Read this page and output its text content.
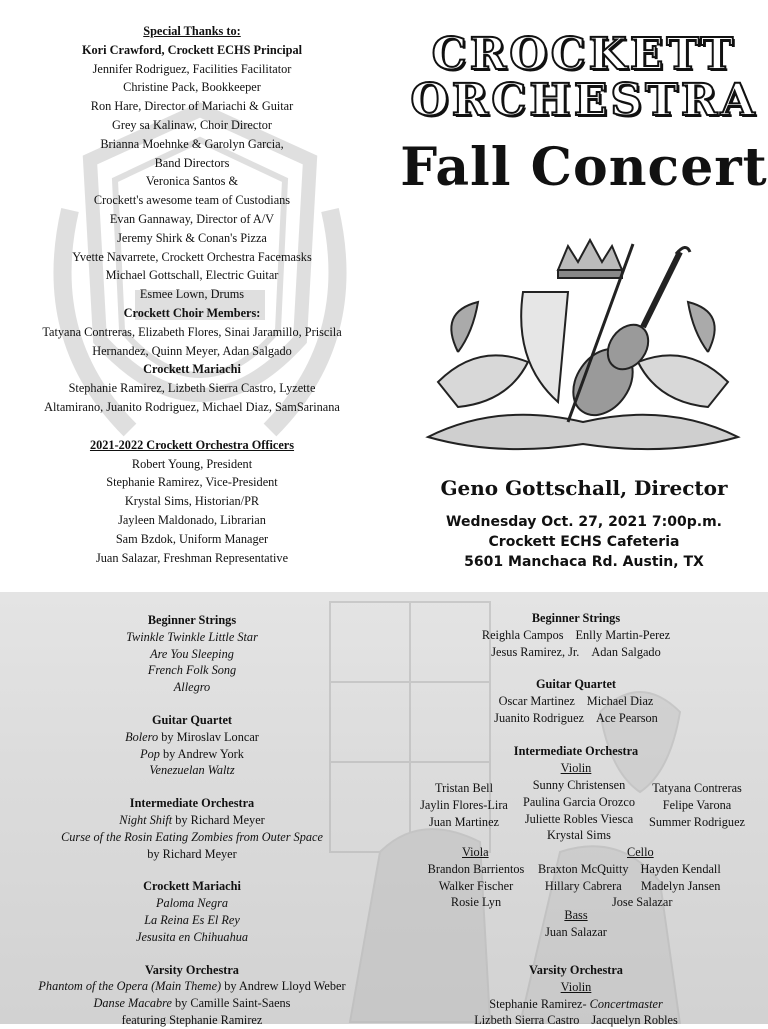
Special Thanks to:
Kori Crawford, Crockett ECHS Principal
Jennifer Rodriguez, Facilities Facilitator
Christine Pack, Bookkeeper
Ron Hare, Director of Mariachi & Guitar
Grey sa Kalinaw, Choir Director
Brianna Moehnke & Garolyn Garcia,
Band Directors
Veronica Santos &
Crockett's awesome team of Custodians
Evan Gannaway, Director of A/V
Jeremy Shirk & Conan's Pizza
Yvette Navarrete, Crockett Orchestra Facemasks
Michael Gottschall, Electric Guitar
Esmee Lown, Drums
Crockett Choir Members:
Tatyana Contreras, Elizabeth Flores, Sinai Jaramillo, Priscila
Hernandez, Quinn Meyer, Adan Salgado
Crockett Mariachi
Stephanie Ramirez, Lizbeth Sierra Castro, Lyzette
Altamirano, Juanito Rodriguez, Michael Diaz, SamSarinana
2021-2022 Crockett Orchestra Officers
Robert Young, President
Stephanie Ramirez, Vice-President
Krystal Sims, Historian/PR
Jayleen Maldonado, Librarian
Sam Bzdok, Uniform Manager
Juan Salazar, Freshman Representative
CROCKETT
ORCHESTRA
Fall Concert
Geno Gottschall, Director
Wednesday Oct. 27, 2021 7:00p.m.
Crockett ECHS Cafeteria
5601 Manchaca Rd. Austin, TX
Beginner Strings
Twinkle Twinkle Little Star
Are You Sleeping
French Folk Song
Allegro
Guitar Quartet
Bolero by Miroslav Loncar
Pop by Andrew York
Venezuelan Waltz
Intermediate Orchestra
Night Shift by Richard Meyer
Curse of the Rosin Eating Zombies from Outer Space
by Richard Meyer
Crockett Mariachi
Paloma Negra
La Reina Es El Rey
Jesusita en Chihuahua
Varsity Orchestra
Phantom of the Opera (Main Theme) by Andrew Lloyd Weber
Danse Macabre by Camille Saint-Saens
featuring Stephanie Ramirez
Beginner Strings
Reighla Campos Enlly Martin-Perez
Jesus Ramirez, Jr. Adan Salgado
Guitar Quartet
Oscar Martinez Michael Diaz
Juanito Rodriguez Ace Pearson
Intermediate Orchestra
Violin
Tristan Bell
Jaylin Flores-Lira
Juan Martinez
Sunny Christensen
Paulina Garcia Orozco
Juliette Robles Viesca
Krystal Sims
Tatyana Contreras
Felipe Varona
Summer Rodriguez
Viola
Brandon Barrientos
Walker Fischer
Rosie Lyn
Cello
Braxton McQuitty
Hillary Cabrera
Hayden Kendall
Madelyn Jansen
Jose Salazar
Bass
Juan Salazar
Varsity Orchestra
Violin
Stephanie Ramirez- Concertmaster
Lizbeth Sierra Castro Jacquelyn Robles
